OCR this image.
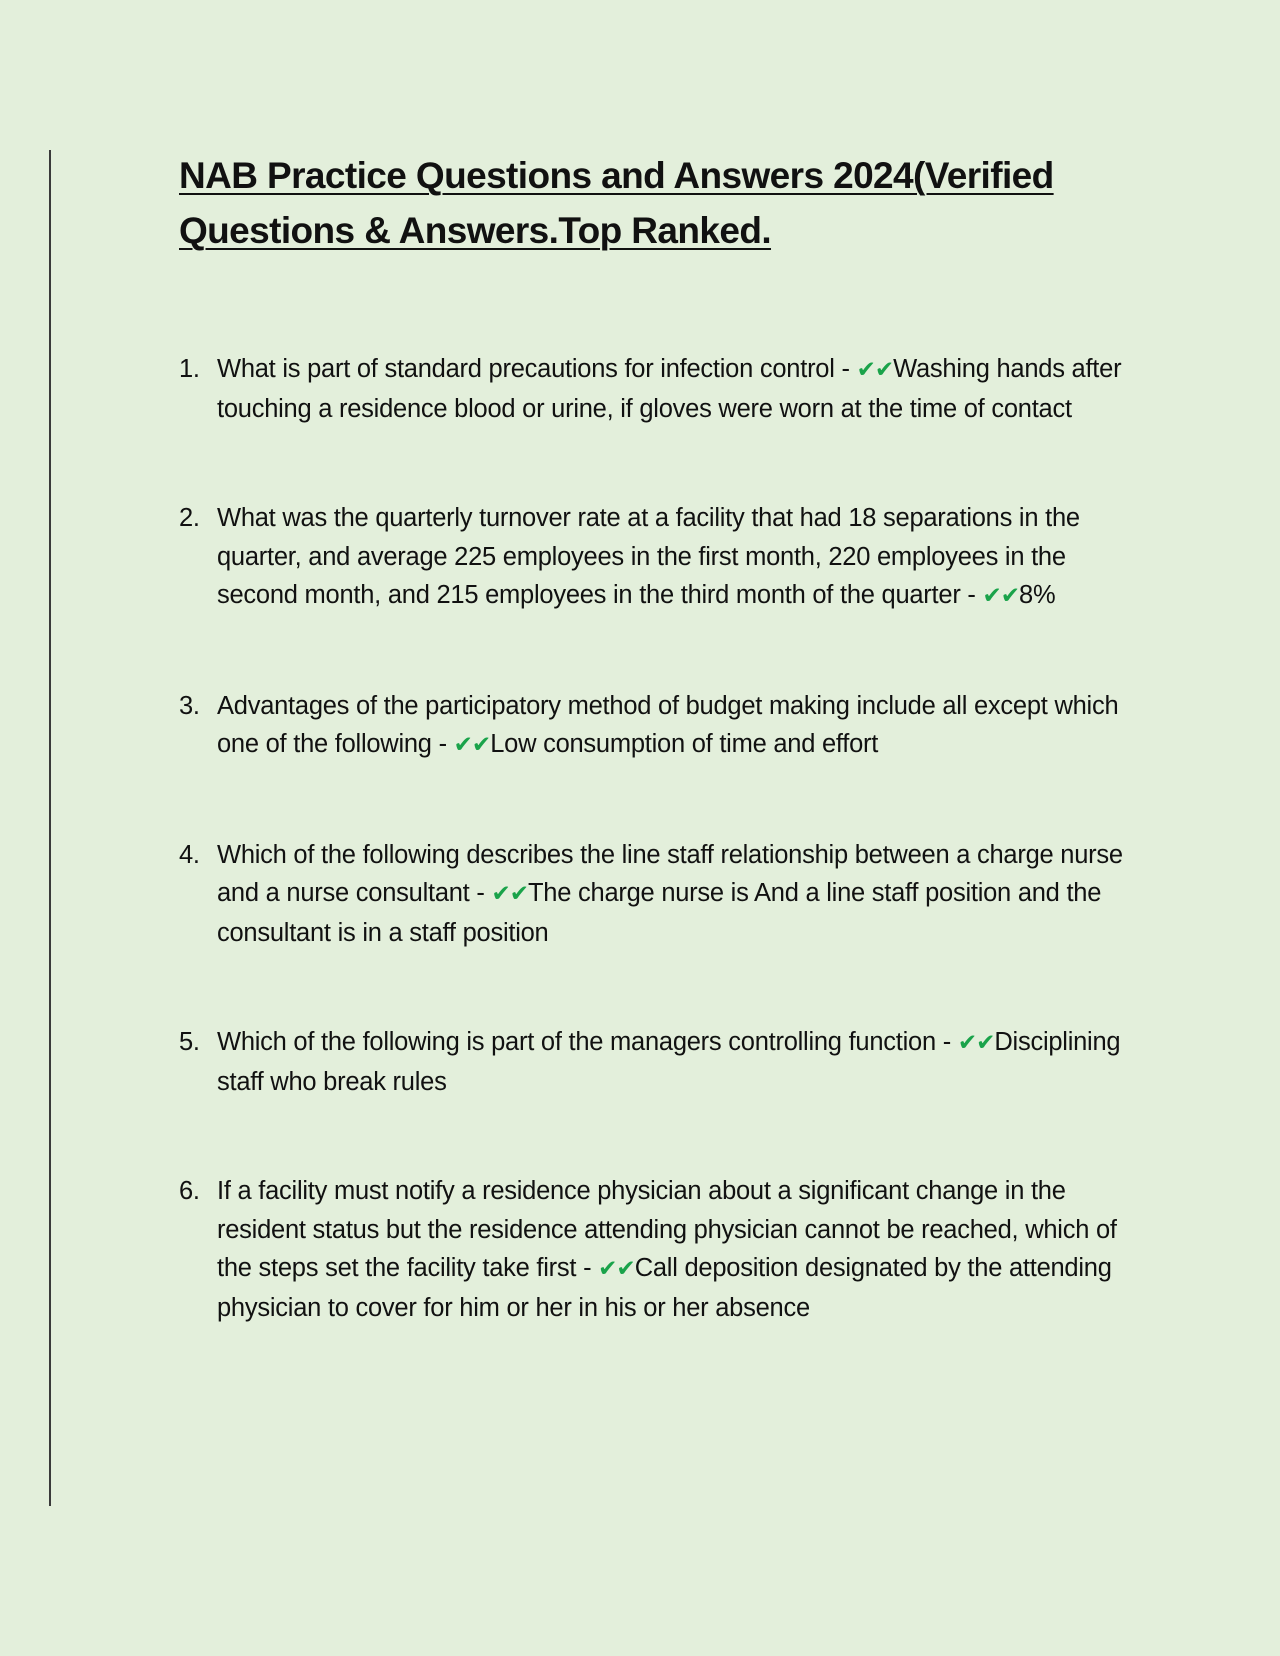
NAB Practice Questions and Answers 2024(Verified Questions & Answers.Top Ranked.
1. What is part of standard precautions for infection control - ✔✔Washing hands after touching a residence blood or urine, if gloves were worn at the time of contact
2. What was the quarterly turnover rate at a facility that had 18 separations in the quarter, and average 225 employees in the first month, 220 employees in the second month, and 215 employees in the third month of the quarter - ✔✔8%
3. Advantages of the participatory method of budget making include all except which one of the following - ✔✔Low consumption of time and effort
4. Which of the following describes the line staff relationship between a charge nurse and a nurse consultant - ✔✔The charge nurse is And a line staff position and the consultant is in a staff position
5. Which of the following is part of the managers controlling function - ✔✔Disciplining staff who break rules
6. If a facility must notify a residence physician about a significant change in the resident status but the residence attending physician cannot be reached, which of the steps set the facility take first - ✔✔Call deposition designated by the attending physician to cover for him or her in his or her absence
